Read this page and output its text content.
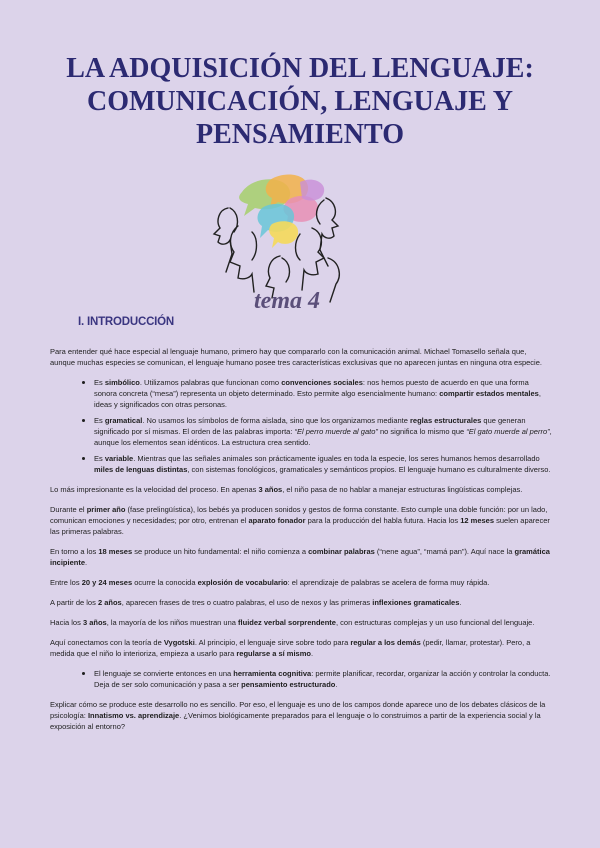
LA ADQUISICIÓN DEL LENGUAJE:
COMUNICACIÓN, LENGUAJE Y
PENSAMIENTO
tema 4
I. INTRODUCCIÓN

Para entender qué hace especial al lenguaje humano, primero hay que compararlo con la comunicación animal. Michael Tomasello señala que, aunque muchas especies se comunican, el lenguaje humano posee tres características exclusivas que no aparecen juntas en ninguna otra especie.

• Es simbólico. Utilizamos palabras que funcionan como convenciones sociales: nos hemos puesto de acuerdo en que una forma sonora concreta (“mesa”) representa un objeto determinado. Esto permite algo esencialmente humano: compartir estados mentales, ideas y significados con otras personas.
• Es gramatical. No usamos los símbolos de forma aislada, sino que los organizamos mediante reglas estructurales que generan significado por sí mismas. El orden de las palabras importa: “El perro muerde al gato” no significa lo mismo que “El gato muerde al perro”, aunque los elementos sean idénticos. La estructura crea sentido.
• Es variable. Mientras que las señales animales son prácticamente iguales en toda la especie, los seres humanos hemos desarrollado miles de lenguas distintas, con sistemas fonológicos, gramaticales y semánticos propios. El lenguaje humano es culturalmente diverso.

Lo más impresionante es la velocidad del proceso. En apenas 3 años, el niño pasa de no hablar a manejar estructuras lingüísticas complejas.

Durante el primer año (fase prelingüística), los bebés ya producen sonidos y gestos de forma constante. Esto cumple una doble función: por un lado, comunican emociones y necesidades; por otro, entrenan el aparato fonador para la producción del habla futura. Hacia los 12 meses suelen aparecer las primeras palabras.

En torno a los 18 meses se produce un hito fundamental: el niño comienza a combinar palabras (“nene agua”, “mamá pan”). Aquí nace la gramática incipiente.

Entre los 20 y 24 meses ocurre la conocida explosión de vocabulario: el aprendizaje de palabras se acelera de forma muy rápida.

A partir de los 2 años, aparecen frases de tres o cuatro palabras, el uso de nexos y las primeras inflexiones gramaticales.

Hacia los 3 años, la mayoría de los niños muestran una fluidez verbal sorprendente, con estructuras complejas y un uso funcional del lenguaje.

Aquí conectamos con la teoría de Vygotski. Al principio, el lenguaje sirve sobre todo para regular a los demás (pedir, llamar, protestar). Pero, a medida que el niño lo interioriza, empieza a usarlo para regularse a sí mismo.

• El lenguaje se convierte entonces en una herramienta cognitiva: permite planificar, recordar, organizar la acción y controlar la conducta. Deja de ser solo comunicación y pasa a ser pensamiento estructurado.

Explicar cómo se produce este desarrollo no es sencillo. Por eso, el lenguaje es uno de los campos donde aparece uno de los debates clásicos de la psicología: Innatismo vs. aprendizaje. ¿Venimos biológicamente preparados para el lenguaje o lo construimos a partir de la experiencia social y la exposición al entorno?
